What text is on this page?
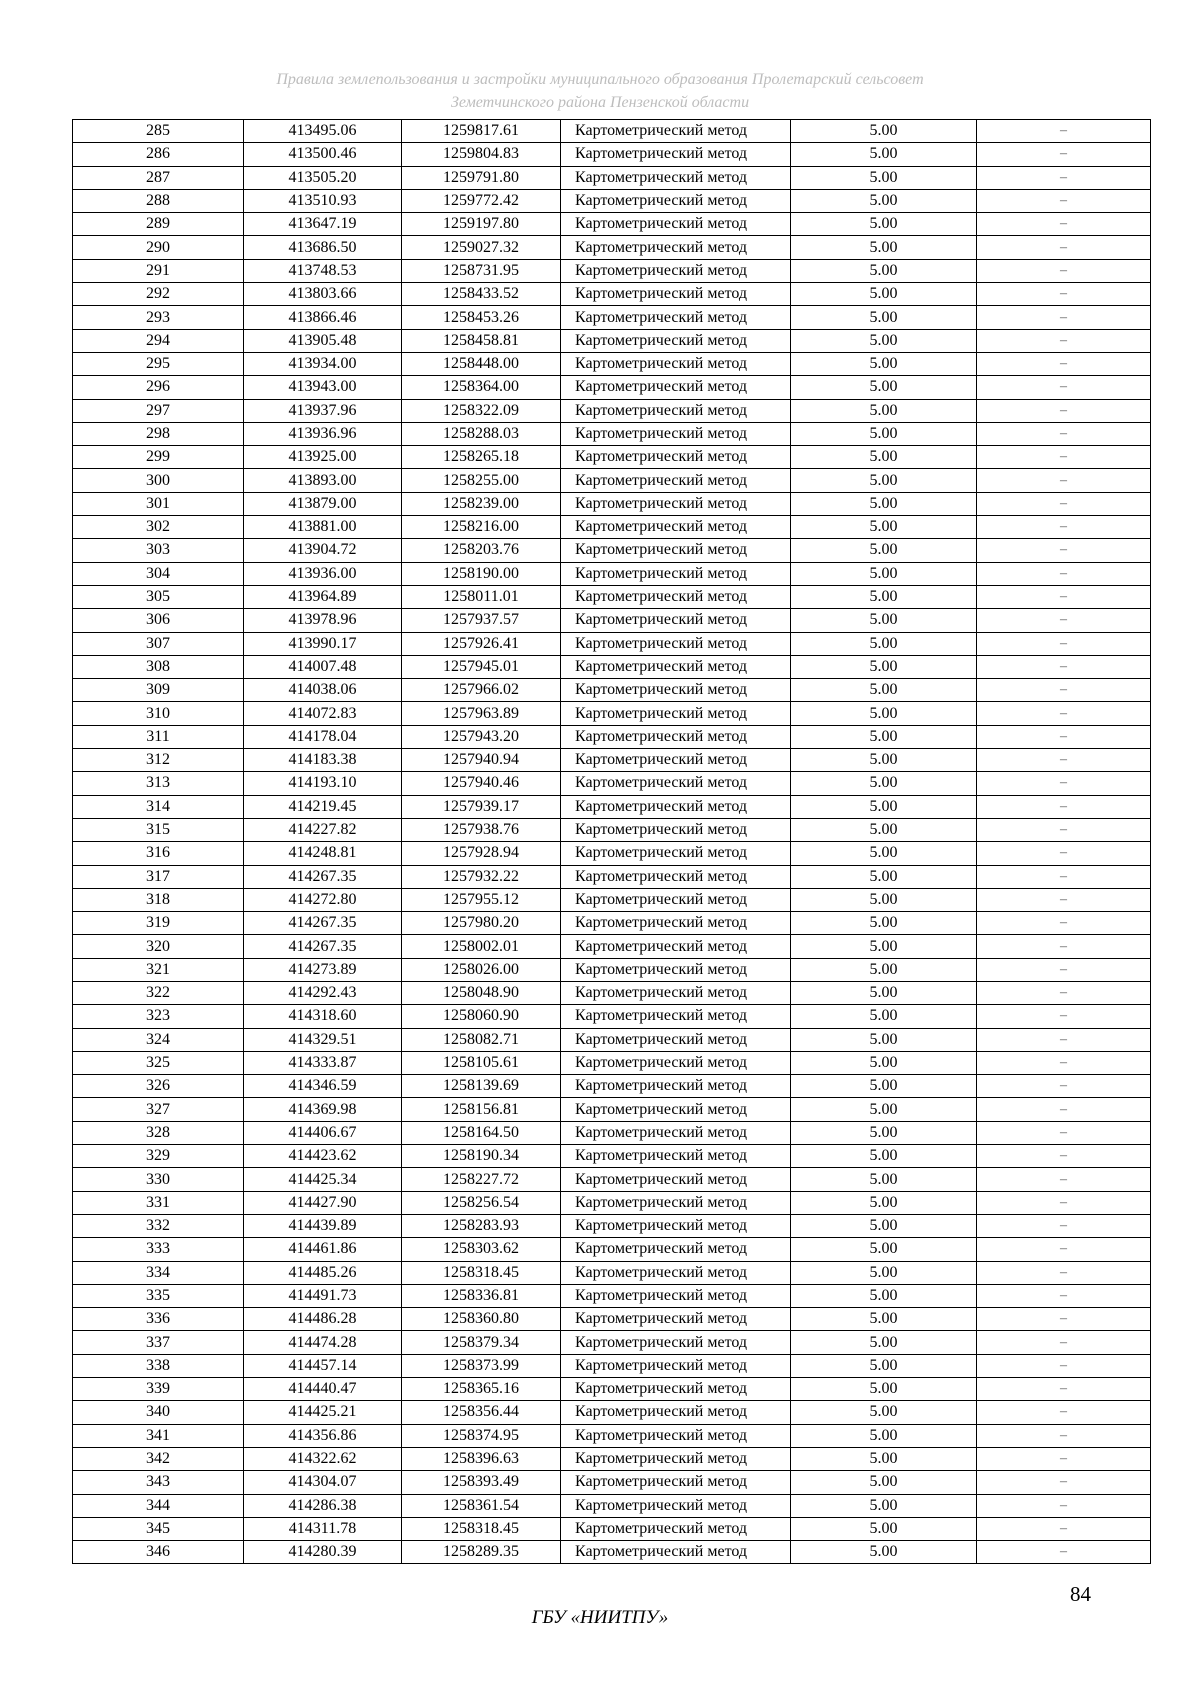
Правила землепользования и застройки муниципального образования Пролетарский сельсовет
Земетчинского района Пензенской области
285	413495.06	1259817.61	Картометрический метод	5.00	–
286	413500.46	1259804.83	Картометрический метод	5.00	–
287	413505.20	1259791.80	Картометрический метод	5.00	–
288	413510.93	1259772.42	Картометрический метод	5.00	–
289	413647.19	1259197.80	Картометрический метод	5.00	–
290	413686.50	1259027.32	Картометрический метод	5.00	–
291	413748.53	1258731.95	Картометрический метод	5.00	–
292	413803.66	1258433.52	Картометрический метод	5.00	–
293	413866.46	1258453.26	Картометрический метод	5.00	–
294	413905.48	1258458.81	Картометрический метод	5.00	–
295	413934.00	1258448.00	Картометрический метод	5.00	–
296	413943.00	1258364.00	Картометрический метод	5.00	–
297	413937.96	1258322.09	Картометрический метод	5.00	–
298	413936.96	1258288.03	Картометрический метод	5.00	–
299	413925.00	1258265.18	Картометрический метод	5.00	–
300	413893.00	1258255.00	Картометрический метод	5.00	–
301	413879.00	1258239.00	Картометрический метод	5.00	–
302	413881.00	1258216.00	Картометрический метод	5.00	–
303	413904.72	1258203.76	Картометрический метод	5.00	–
304	413936.00	1258190.00	Картометрический метод	5.00	–
305	413964.89	1258011.01	Картометрический метод	5.00	–
306	413978.96	1257937.57	Картометрический метод	5.00	–
307	413990.17	1257926.41	Картометрический метод	5.00	–
308	414007.48	1257945.01	Картометрический метод	5.00	–
309	414038.06	1257966.02	Картометрический метод	5.00	–
310	414072.83	1257963.89	Картометрический метод	5.00	–
311	414178.04	1257943.20	Картометрический метод	5.00	–
312	414183.38	1257940.94	Картометрический метод	5.00	–
313	414193.10	1257940.46	Картометрический метод	5.00	–
314	414219.45	1257939.17	Картометрический метод	5.00	–
315	414227.82	1257938.76	Картометрический метод	5.00	–
316	414248.81	1257928.94	Картометрический метод	5.00	–
317	414267.35	1257932.22	Картометрический метод	5.00	–
318	414272.80	1257955.12	Картометрический метод	5.00	–
319	414267.35	1257980.20	Картометрический метод	5.00	–
320	414267.35	1258002.01	Картометрический метод	5.00	–
321	414273.89	1258026.00	Картометрический метод	5.00	–
322	414292.43	1258048.90	Картометрический метод	5.00	–
323	414318.60	1258060.90	Картометрический метод	5.00	–
324	414329.51	1258082.71	Картометрический метод	5.00	–
325	414333.87	1258105.61	Картометрический метод	5.00	–
326	414346.59	1258139.69	Картометрический метод	5.00	–
327	414369.98	1258156.81	Картометрический метод	5.00	–
328	414406.67	1258164.50	Картометрический метод	5.00	–
329	414423.62	1258190.34	Картометрический метод	5.00	–
330	414425.34	1258227.72	Картометрический метод	5.00	–
331	414427.90	1258256.54	Картометрический метод	5.00	–
332	414439.89	1258283.93	Картометрический метод	5.00	–
333	414461.86	1258303.62	Картометрический метод	5.00	–
334	414485.26	1258318.45	Картометрический метод	5.00	–
335	414491.73	1258336.81	Картометрический метод	5.00	–
336	414486.28	1258360.80	Картометрический метод	5.00	–
337	414474.28	1258379.34	Картометрический метод	5.00	–
338	414457.14	1258373.99	Картометрический метод	5.00	–
339	414440.47	1258365.16	Картометрический метод	5.00	–
340	414425.21	1258356.44	Картометрический метод	5.00	–
341	414356.86	1258374.95	Картометрический метод	5.00	–
342	414322.62	1258396.63	Картометрический метод	5.00	–
343	414304.07	1258393.49	Картометрический метод	5.00	–
344	414286.38	1258361.54	Картометрический метод	5.00	–
345	414311.78	1258318.45	Картометрический метод	5.00	–
346	414280.39	1258289.35	Картометрический метод	5.00	–
84
ГБУ «НИИТПУ»
